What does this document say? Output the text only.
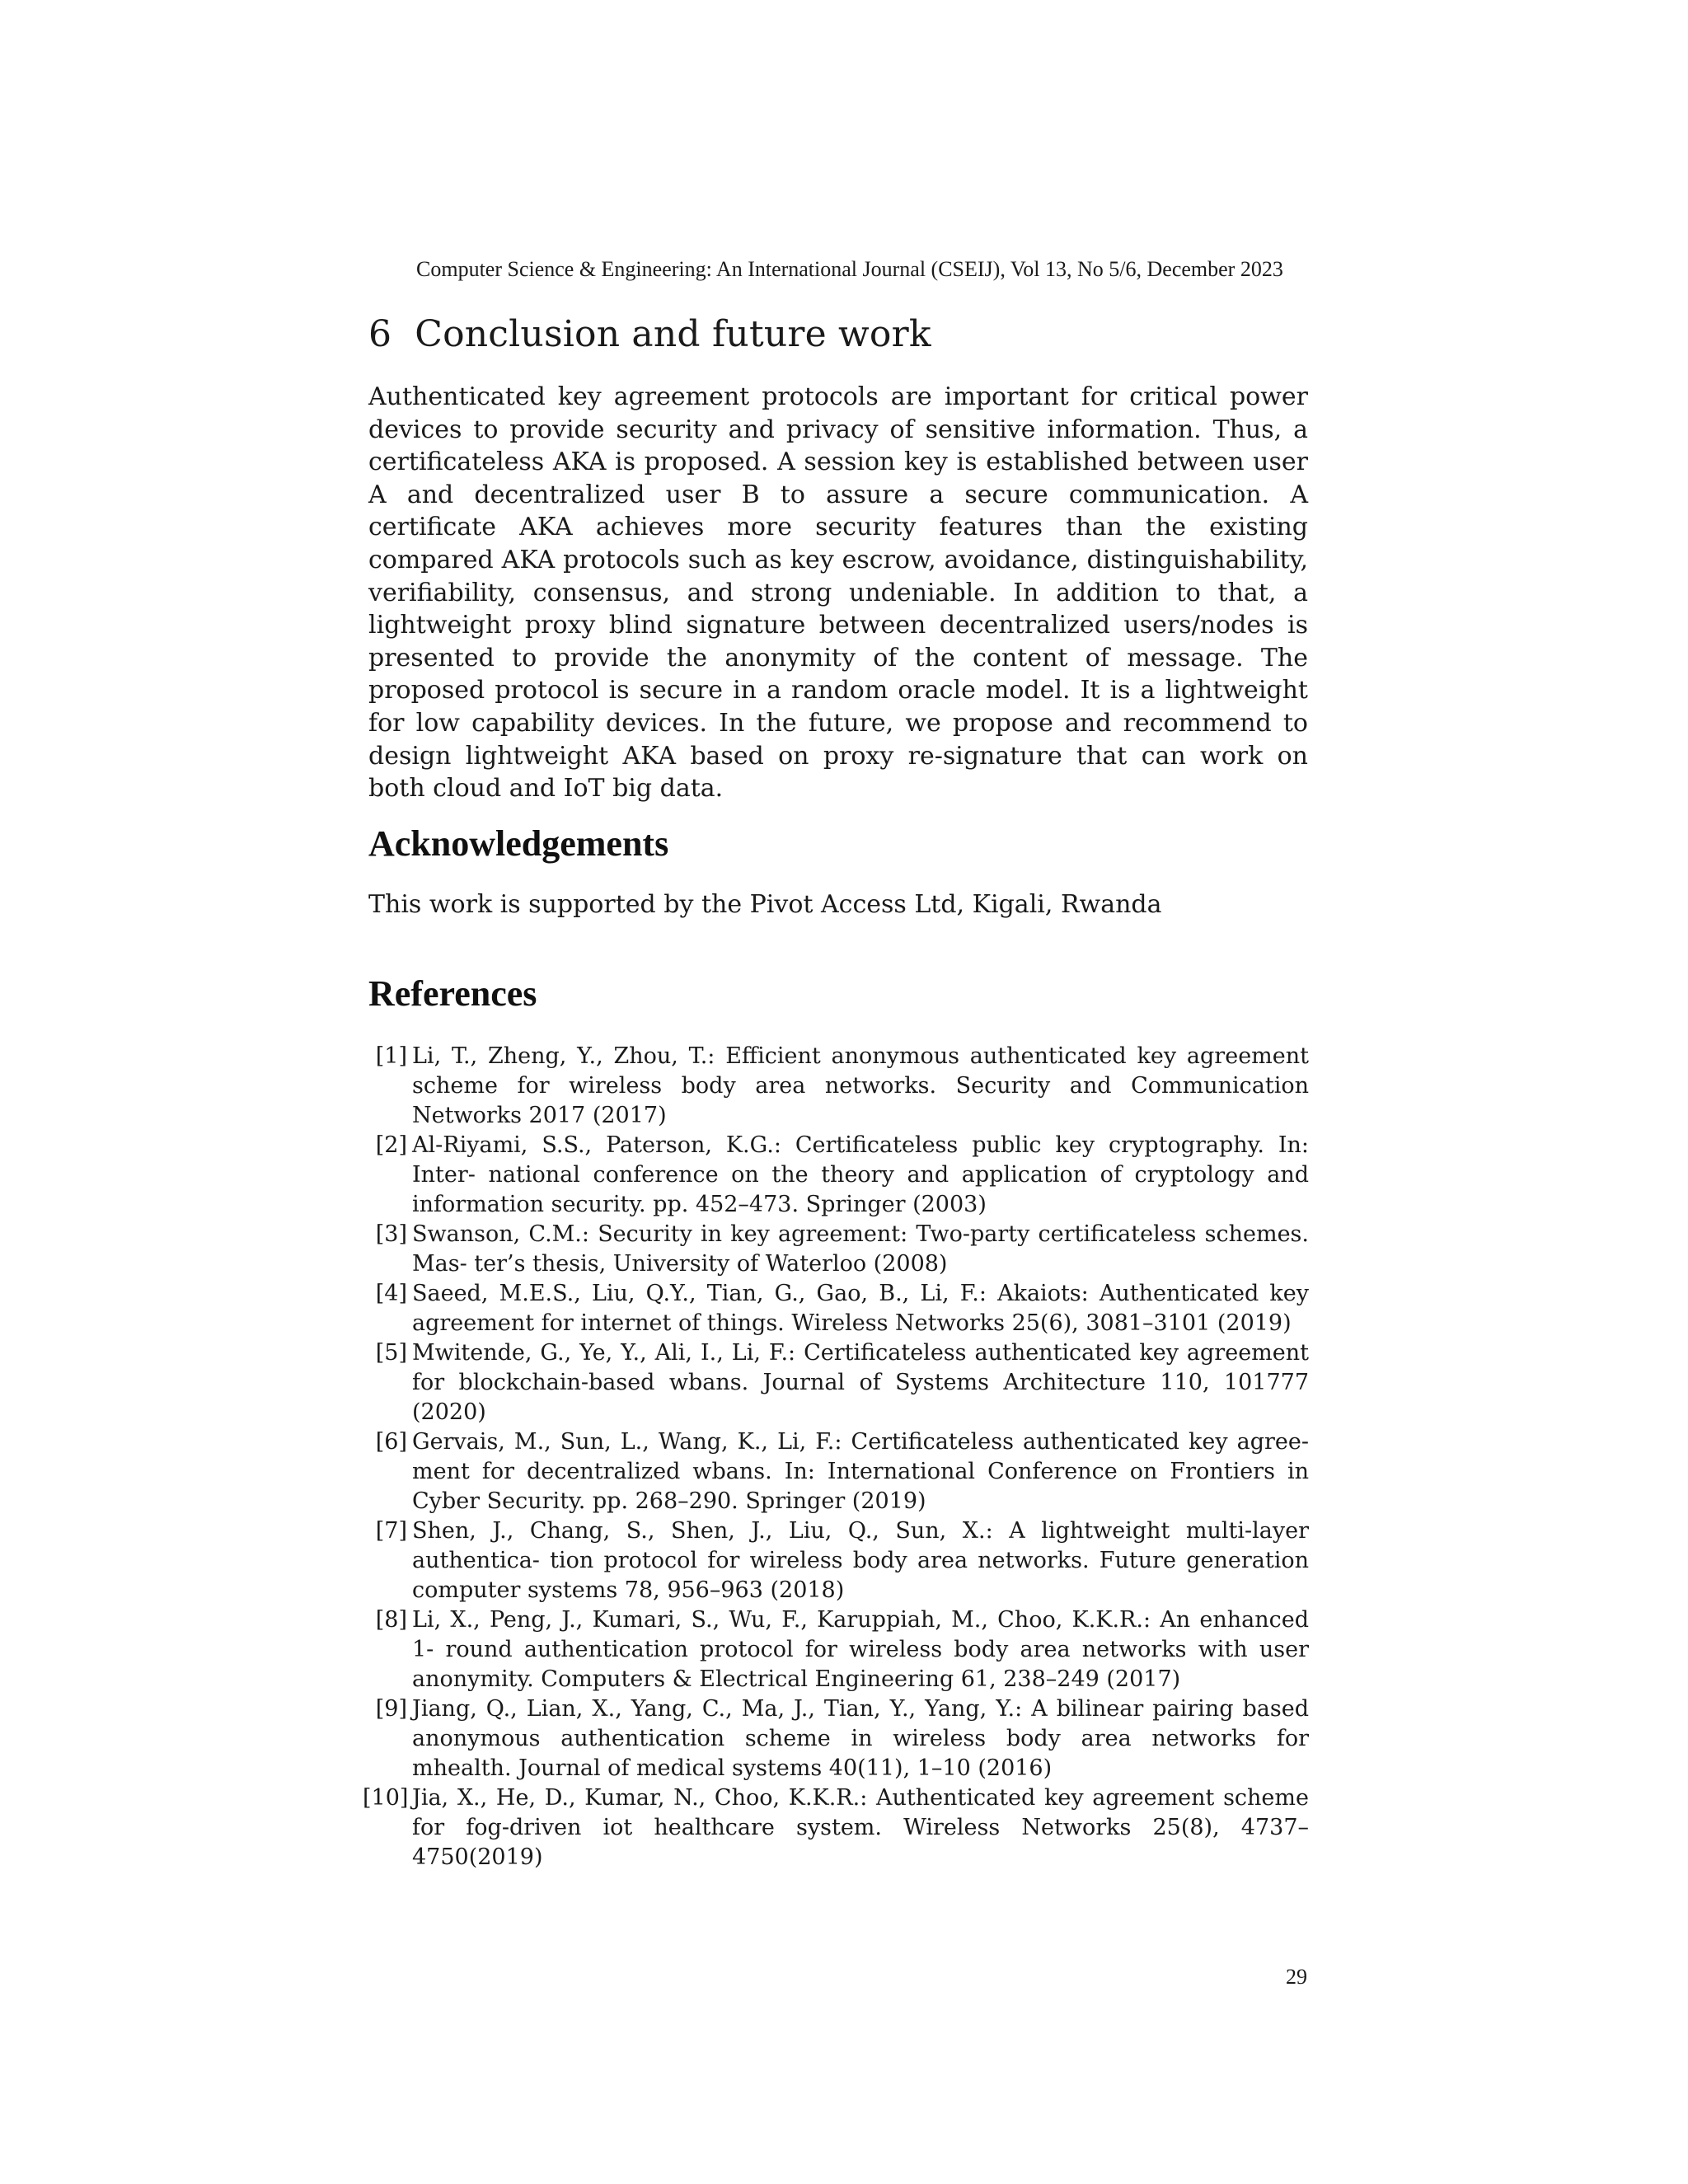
Computer Science & Engineering: An International Journal (CSEIJ), Vol 13, No 5/6, December 2023
6 Conclusion and future work

Authenticated key agreement protocols are important for critical power devices to provide security and privacy of sensitive information. Thus, a certificateless AKA is proposed. A session key is established between user A and decentralized user B to assure a secure communication. A certificate AKA achieves more security features than the existing compared AKA protocols such as key escrow, avoidance, distinguishability, verifiability, consensus, and strong undeniable. In addition to that, a lightweight proxy blind signature between decentralized users/nodes is presented to provide the anonymity of the content of message. The proposed protocol is secure in a random oracle model. It is a lightweight for low capability devices. In the future, we propose and recommend to design lightweight AKA based on proxy re-signature that can work on both cloud and IoT big data.

Acknowledgements
This work is supported by the Pivot Access Ltd, Kigali, Rwanda
References
[1] Li, T., Zheng, Y., Zhou, T.: Efficient anonymous authenticated key agreement scheme for wireless body area networks. Security and Communication Networks 2017 (2017)
[2] Al-Riyami, S.S., Paterson, K.G.: Certificateless public key cryptography. In: Inter- national conference on the theory and application of cryptology and information security. pp. 452–473. Springer (2003)
[3] Swanson, C.M.: Security in key agreement: Two-party certificateless schemes. Mas- ter’s thesis, University of Waterloo (2008)
[4] Saeed, M.E.S., Liu, Q.Y., Tian, G., Gao, B., Li, F.: Akaiots: Authenticated key agreement for internet of things. Wireless Networks 25(6), 3081–3101 (2019)
[5] Mwitende, G., Ye, Y., Ali, I., Li, F.: Certificateless authenticated key agreement for blockchain-based wbans. Journal of Systems Architecture 110, 101777 (2020)
[6] Gervais, M., Sun, L., Wang, K., Li, F.: Certificateless authenticated key agree- ment for decentralized wbans. In: International Conference on Frontiers in Cyber Security. pp. 268–290. Springer (2019)
[7] Shen, J., Chang, S., Shen, J., Liu, Q., Sun, X.: A lightweight multi-layer authentica- tion protocol for wireless body area networks. Future generation computer systems 78, 956–963 (2018)
[8] Li, X., Peng, J., Kumari, S., Wu, F., Karuppiah, M., Choo, K.K.R.: An enhanced 1- round authentication protocol for wireless body area networks with user anonymity. Computers & Electrical Engineering 61, 238–249 (2017)
[9] Jiang, Q., Lian, X., Yang, C., Ma, J., Tian, Y., Yang, Y.: A bilinear pairing based anonymous authentication scheme in wireless body area networks for mhealth. Journal of medical systems 40(11), 1–10 (2016)
[10] Jia, X., He, D., Kumar, N., Choo, K.K.R.: Authenticated key agreement scheme for fog-driven iot healthcare system. Wireless Networks 25(8), 4737–4750(2019)
29
